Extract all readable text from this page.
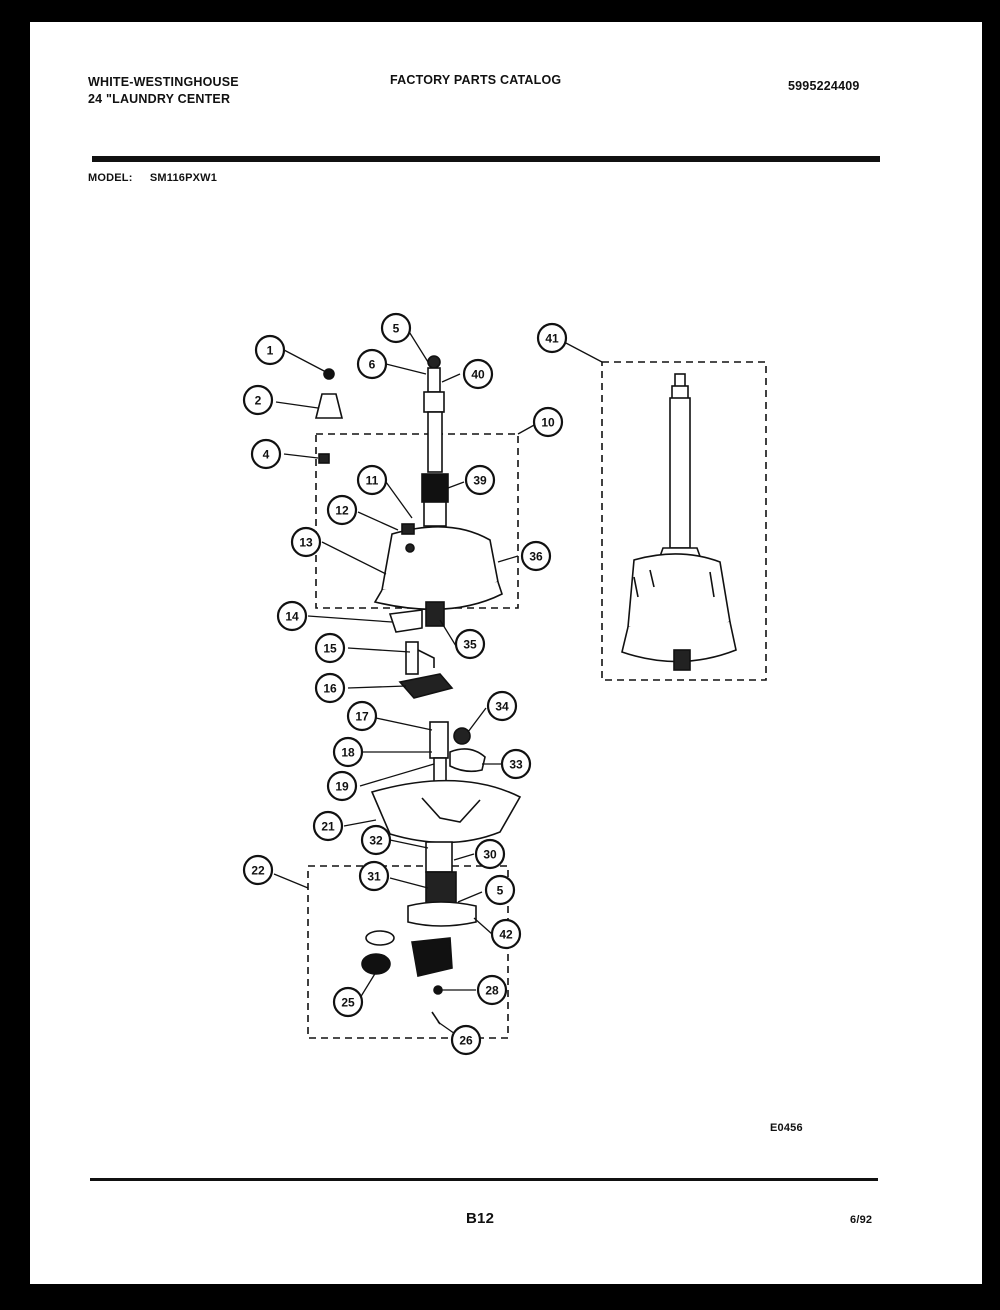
WHITE-WESTINGHOUSE
24 "LAUNDRY CENTER
FACTORY PARTS CATALOG	5995224409
MODEL: SM116PXW1
1
2
4
5
6
40
41
10
11	39
12
13
36
14
35
15
16
34
17
18
33
19
21
32
30
22	31
5
42
25
28
26
E0456
B12	6/92
